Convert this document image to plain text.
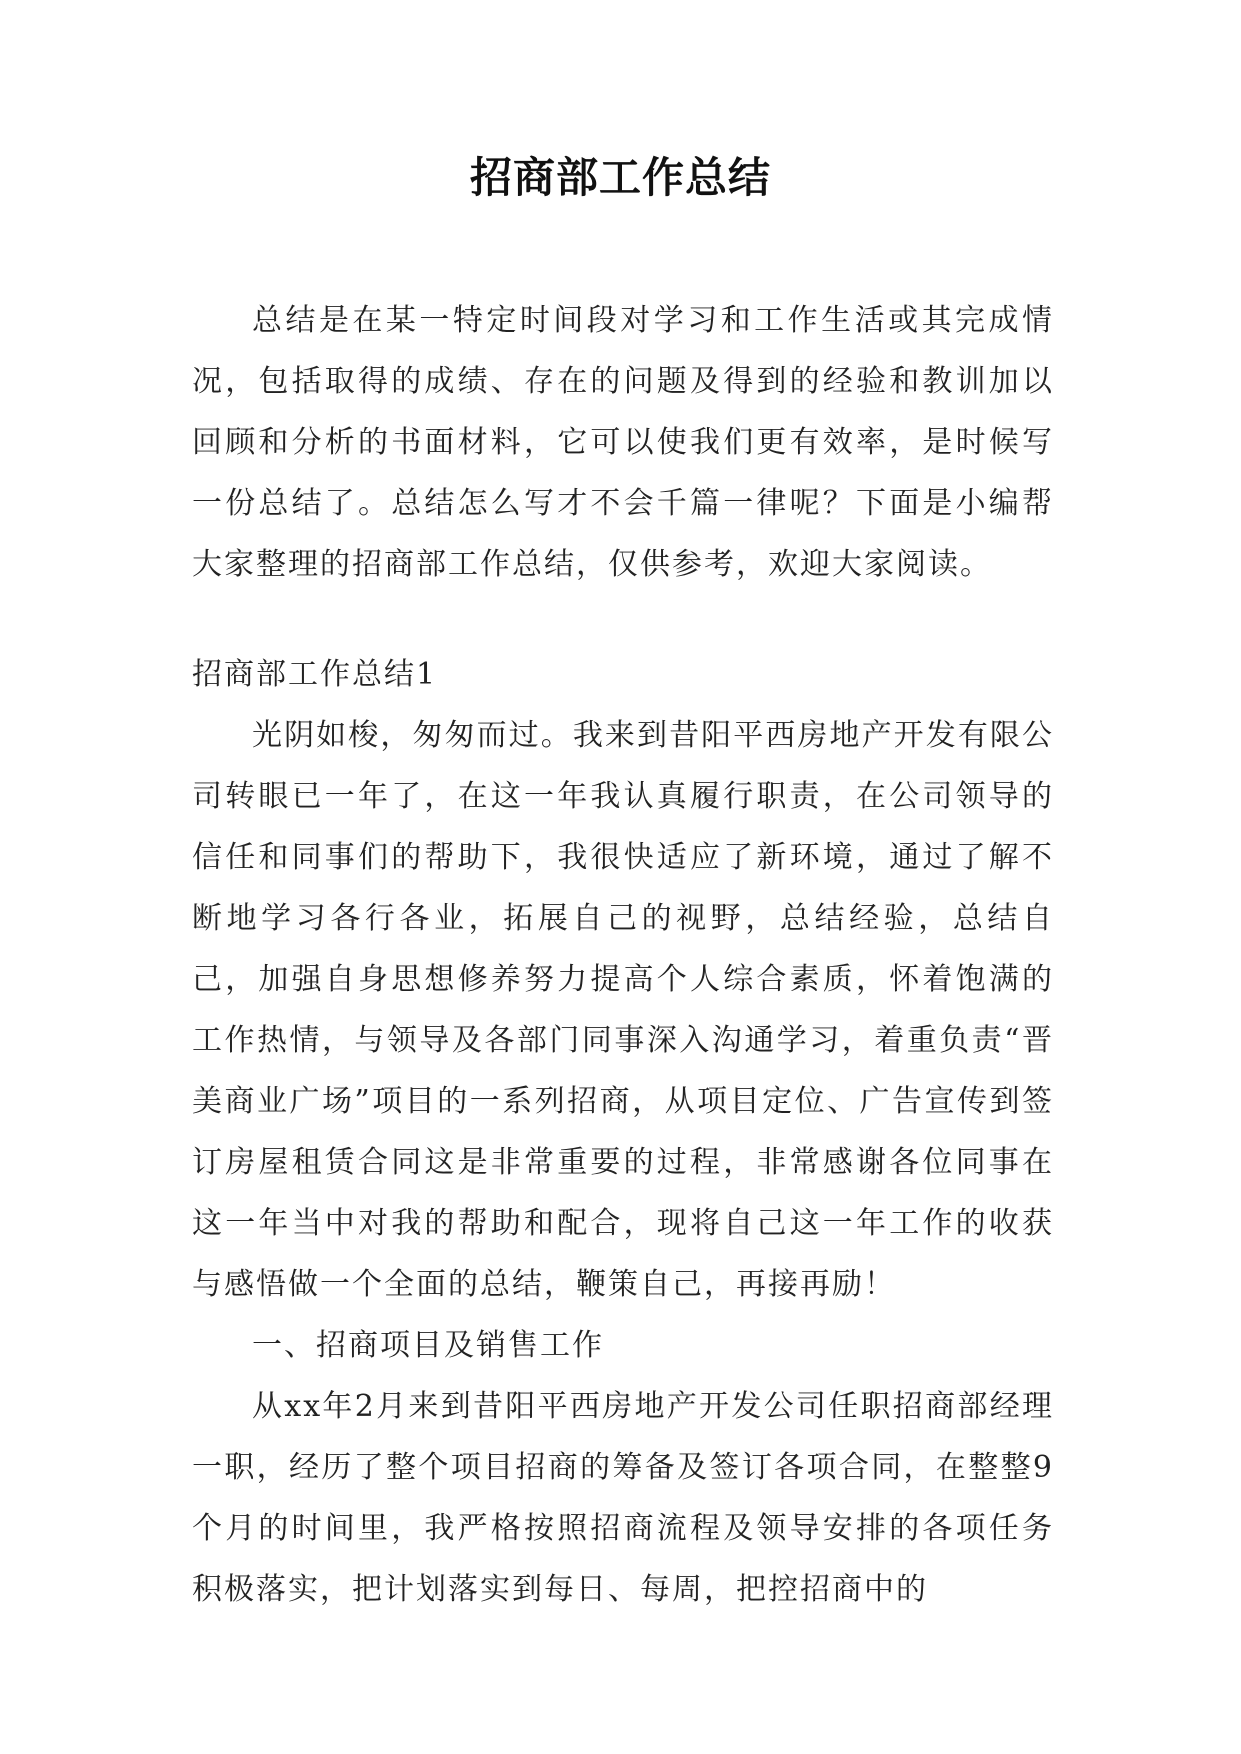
招商部工作总结

总结是在某一特定时间段对学习和工作生活或其完成情况，包括取得的成绩、存在的问题及得到的经验和教训加以回顾和分析的书面材料，它可以使我们更有效率，是时候写一份总结了。总结怎么写才不会千篇一律呢？下面是小编帮大家整理的招商部工作总结，仅供参考，欢迎大家阅读。

招商部工作总结1

光阴如梭，匆匆而过。我来到昔阳平西房地产开发有限公司转眼已一年了，在这一年我认真履行职责，在公司领导的信任和同事们的帮助下，我很快适应了新环境，通过了解不断地学习各行各业，拓展自己的视野，总结经验，总结自己，加强自身思想修养努力提高个人综合素质，怀着饱满的工作热情，与领导及各部门同事深入沟通学习，着重负责“晋美商业广场”项目的一系列招商，从项目定位、广告宣传到签订房屋租赁合同这是非常重要的过程，非常感谢各位同事在这一年当中对我的帮助和配合，现将自己这一年工作的收获与感悟做一个全面的总结，鞭策自己，再接再励！

一、招商项目及销售工作

从xx年2月来到昔阳平西房地产开发公司任职招商部经理一职，经历了整个项目招商的筹备及签订各项合同，在整整9个月的时间里，我严格按照招商流程及领导安排的各项任务积极落实，把计划落实到每日、每周，把控招商中的
